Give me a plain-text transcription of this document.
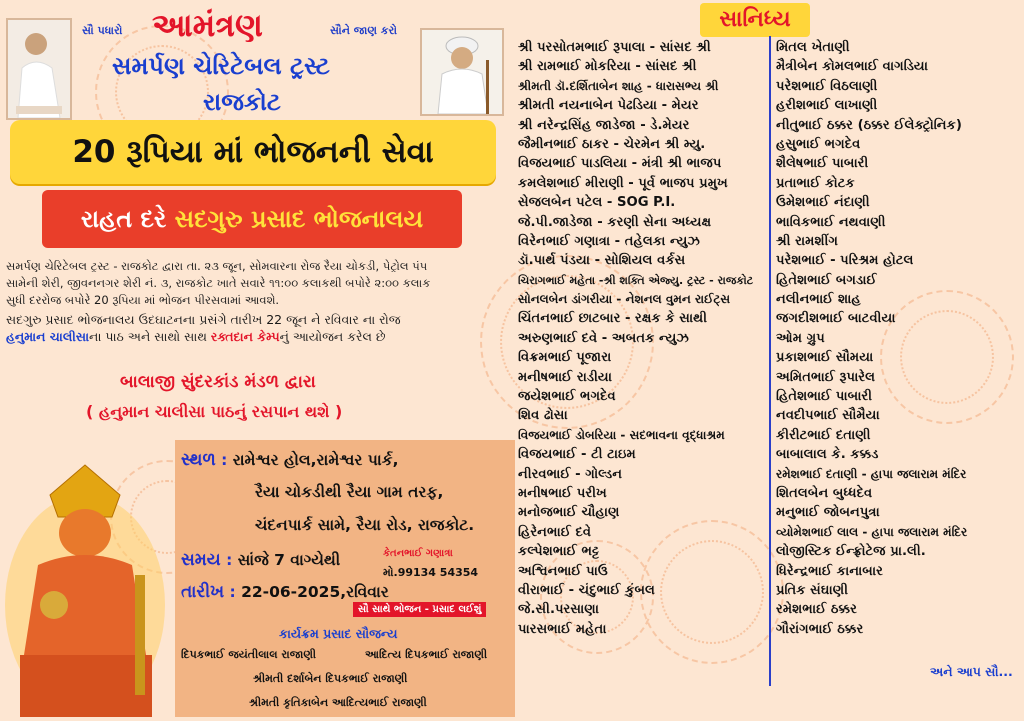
સૌ પધારો આમંત્રણ	સૌને જાણ કરો
સમર્પણ ચેરિટેબલ ટ્રસ્ટ
રાજકોટ
20 રૂપિયા માં ભોજનની સેવા
રાહત દરે સદગુરુ પ્રસાદ ભોજનાલય
સમર્પણ ચેરિટેબલ ટ્રસ્ટ - રાજકોટ દ્વારા તા. ૨૩ જૂન, સોમવારના રોજ રૈયા ચોકડી, પેટ્રોલ પંપ
સામેની શેરી, જીવનનગર શેરી નં. ૩, રાજકોટ ખાતે સવારે ૧૧:૦૦ કલાકથી બપોરે ૨:૦૦ કલાક
સુધી દરરોજ બપોરે 20 રૂપિયા માં ભોજન પીરસવામાં આવશે.
સદગુરુ પ્રસાદ ભોજનાલય ઉદઘાટનના પ્રસંગે તારીખ 22 જૂન ને રવિવાર ના રોજ
હનુમાન ચાલીસાના પાઠ અને સાથો સાથ રક્તદાન કેમ્પનું આયોજન કરેલ છે
બાલાજી સુંદરકાંડ મંડળ દ્વારા
( હનુમાન ચાલીસા પાઠનું રસપાન થશે )
સ્થળ : રામેશ્વર હોલ,રામેશ્વર પાર્ક,
રૈયા ચોકડીથી રૈયા ગામ તરફ,
ચંદનપાર્ક સામે, રૈયા રોડ, રાજકોટ.
સમય : સાંજે 7 વાગ્યેથી	કેતનભાઈ ગણાત્રા
મો.99134 54354
તારીખ : 22-06-2025,રવિવાર
સૌ સાથે ભોજન - પ્રસાદ લઈશું
કાર્યક્રમ પ્રસાદ સૌજન્ય
દિપકભાઈ જયંતીલાલ રાજાણી	આદિત્ય દિપકભાઈ રાજાણી
શ્રીમતી દર્શાબેન દિપકભાઈ રાજાણી
શ્રીમતી કૃતિકાબેન આદિત્યભાઈ રાજાણી
સાનિધ્ય
શ્રી પરસોતમભાઈ રૂપાલા - સાંસદ શ્રી
શ્રી રામભાઈ મોકરિયા - સાંસદ શ્રી
શ્રીમતી ડૉ.દર્શિતાબેન શાહ - ધારાસભ્ય શ્રી
શ્રીમતી નયનાબેન પેઢડિયા - મેયર
શ્રી નરેન્દ્રસિંહ જાડેજા - ડે.મેયર
જૈમીનભાઈ ઠાકર - ચેરમેન શ્રી મ્યુ.
વિજયભાઈ પાડલિયા - મંત્રી શ્રી ભાજપ
કમલેશભાઈ મીરાણી - પૂર્વ ભાજપ પ્રમુખ
સેજલબેન પટેલ - SOG P.I.
જે.પી.જાડેજા - કરણી સેના અધ્યક્ષ
વિરેનભાઈ ગણાત્રા - તહેલકા ન્યુઝ
ડૉ.પાર્થ પંડયા - સોશિયલ વર્કસ
ચિરાગભાઈ મહેતા -શ્રી શક્તિ એજ્યુ. ટ્રસ્ટ - રાજકોટ
સોનલબેન ડાંગરીયા - નેશનલ વુમન રાઈટ્સ
ચિંતનભાઈ છાટબાર - રક્ષક કે સાથી
અરુણભાઈ દવે - અબતક ન્યુઝ
વિક્રમભાઈ પૂજારા
મનીષભાઈ રાડીયા
જયેશભાઈ ભગદેવ
શિવ ઢોસા
વિજયભાઈ ડોબરિયા - સદભાવના વૃદ્ધાશ્રમ
વિજયભાઈ - ટી ટાઇમ
નીરવભાઈ - ગોલ્ડન
મનીષભાઈ પરીખ
મનોજભાઈ ચૌહાણ
હિરેનભાઈ દવે
કલ્પેશભાઈ ભટ્ટ
અશ્વિનભાઈ પાઉ
વીરાભાઈ - ચંદુભાઈ કુંબલ
જે.સી.પરસાણા
પારસભાઈ મહેતા
મિતલ ખેતાણી
મૈત્રીબેન કોમલભાઈ વાગડિયા
પરેશભાઈ વિઠલાણી
હરીશભાઈ લાખાણી
નીતુભાઈ ઠક્કર (ઠક્કર ઈલેક્ટ્રોનિક)
હસુભાઈ ભગદેવ
શૈલેષભાઈ પાબારી
પ્રતાભાઈ કોટક
ઉમેશભાઈ નંદાણી
ભાવિકભાઈ નથવાણી
શ્રી રામશીંગ
પરેશભાઈ - પરિશ્રમ હોટલ
હિતેશભાઈ બગડાઈ
નલીનભાઈ શાહ
જગદીશભાઈ બાટવીયા
ઓમ ગ્રુપ
પ્રકાશભાઈ સૌમયા
અમિતભાઈ રૂપારેલ
હિતેશભાઈ પાબારી
નવદીપભાઈ સૌમૈયા
કીરીટભાઈ દતાણી
બાબાલાલ કે. કક્કડ
રમેશભાઈ દતાણી - હાપા જલારામ મંદિર
શિતલબેન બુધ્ધદેવ
મનુભાઈ જોબનપુત્રા
વ્યોમેશભાઈ લાલ - હાપા જલારામ મંદિર
લોજીસ્ટિક ઈન્ફ્રોટેજ પ્રા.લી.
ધિરેન્દ્રભાઈ કાનાબાર
પ્રતિક સંઘાણી
રમેશભાઈ ઠક્કર
ગૌરાંગભાઈ ઠક્કર
અને આપ સૌ...
